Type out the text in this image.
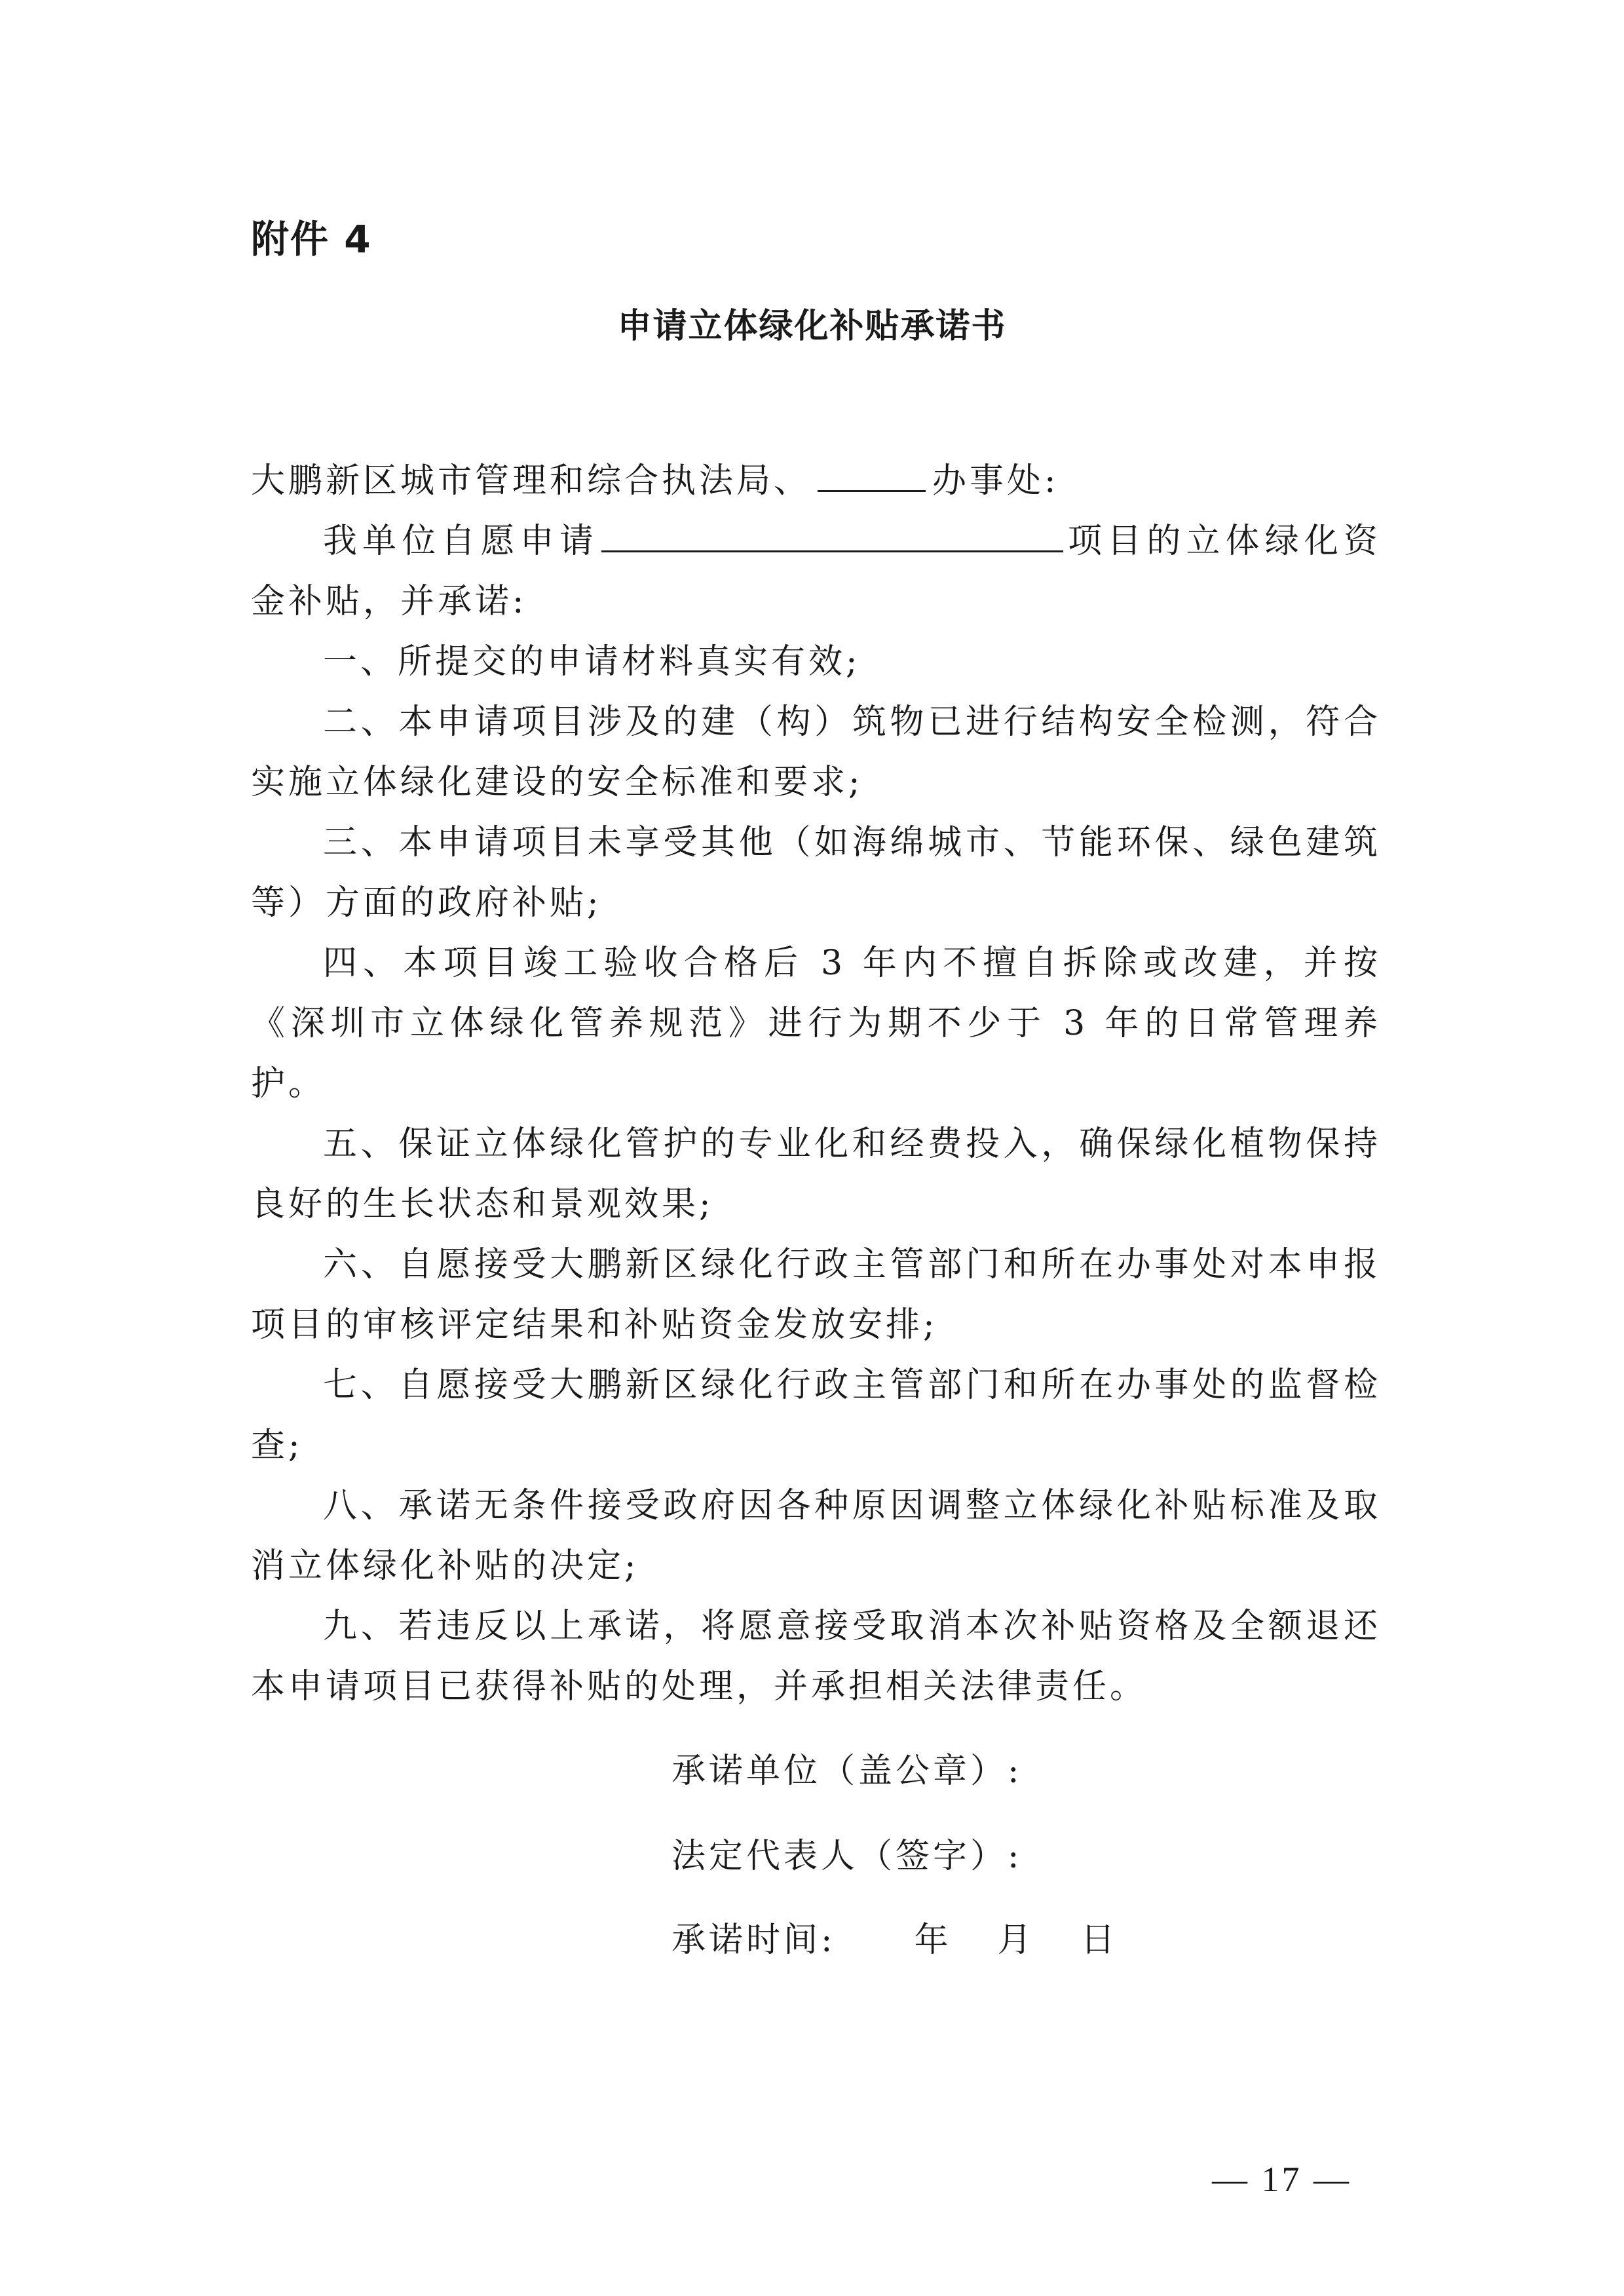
附件 4
申请立体绿化补贴承诺书

大鹏新区城市管理和综合执法局、	办事处:

我单位自愿申请	项目的立体绿化资金补贴，并承诺:

一、所提交的申请材料真实有效;

二、本申请项目涉及的建（构）筑物已进行结构安全检测，符合实施立体绿化建设的安全标准和要求;

三、本申请项目未享受其他（如海绵城市、节能环保、绿色建筑等）方面的政府补贴;

四、本项目竣工验收合格后 3 年内不擅自拆除或改建，并按《深圳市立体绿化管养规范》进行为期不少于 3 年的日常管理养护。

五、保证立体绿化管护的专业化和经费投入，确保绿化植物保持良好的生长状态和景观效果;

六、自愿接受大鹏新区绿化行政主管部门和所在办事处对本申报项目的审核评定结果和补贴资金发放安排;

七、自愿接受大鹏新区绿化行政主管部门和所在办事处的监督检查;

八、承诺无条件接受政府因各种原因调整立体绿化补贴标准及取消立体绿化补贴的决定;

九、若违反以上承诺，将愿意接受取消本次补贴资格及全额退还本申请项目已获得补贴的处理，并承担相关法律责任。

承诺单位（盖公章）:
法定代表人（签字）:
承诺时间: 年 月 日
— 17 —
